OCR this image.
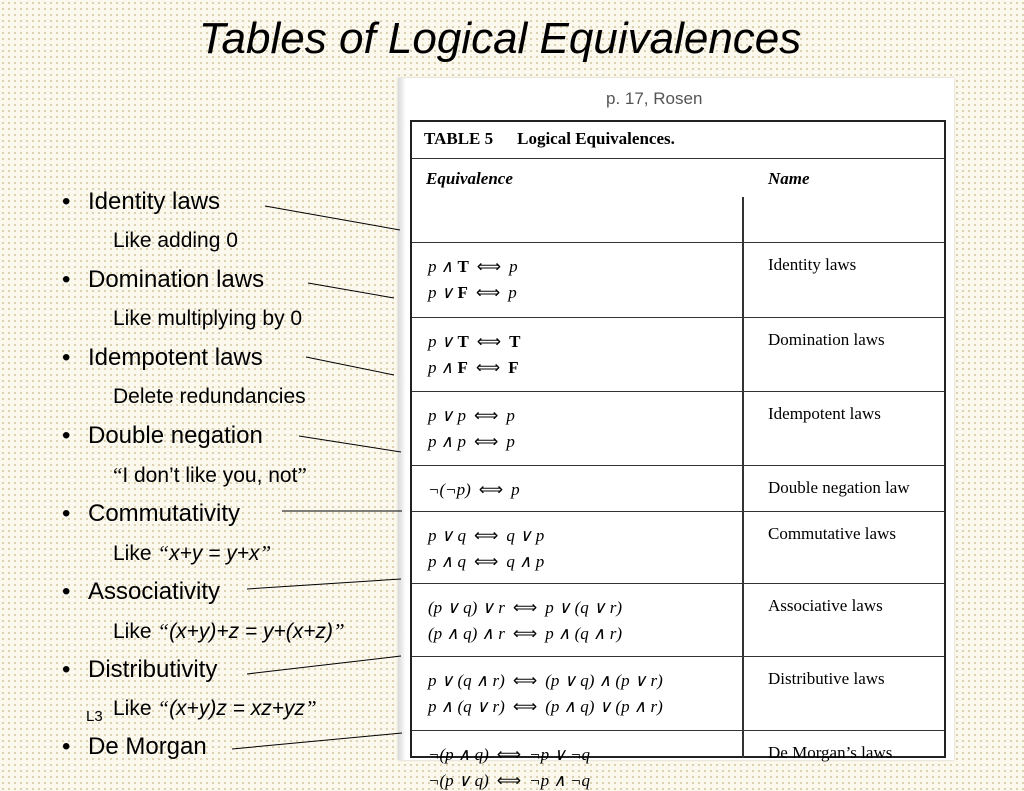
Tables of Logical Equivalences
• Identity laws
Like adding 0
• Domination laws
Like multiplying by 0
• Idempotent laws
Delete redundancies
• Double negation
“I don’t like you, not”
• Commutativity
Like “x+y = y+x”
• Associativity
Like “(x+y)+z = y+(x+z)”
• Distributivity
Like “(x+y)z = xz+yz”
L3
• De Morgan
p. 17, Rosen
TABLE 5 Logical Equivalences.
Equivalence	Name
Identity laws
p ∧ T ⟺ p
p ∨ F ⟺ p
Domination laws
p ∨ T ⟺ T
p ∧ F ⟺ F
Idempotent laws
p ∨ p ⟺ p
p ∧ p ⟺ p
Double negation law
¬(¬p) ⟺ p
Commutative laws
p ∨ q ⟺ q ∨ p
p ∧ q ⟺ q ∧ p
Associative laws
(p ∨ q) ∨ r ⟺ p ∨ (q ∨ r)
(p ∧ q) ∧ r ⟺ p ∧ (q ∧ r)
Distributive laws
p ∨ (q ∧ r) ⟺ (p ∨ q) ∧ (p ∨ r)
p ∧ (q ∨ r) ⟺ (p ∧ q) ∨ (p ∧ r)
De Morgan’s laws
¬(p ∧ q) ⟺ ¬p ∨ ¬q
¬(p ∨ q) ⟺ ¬p ∧ ¬q
